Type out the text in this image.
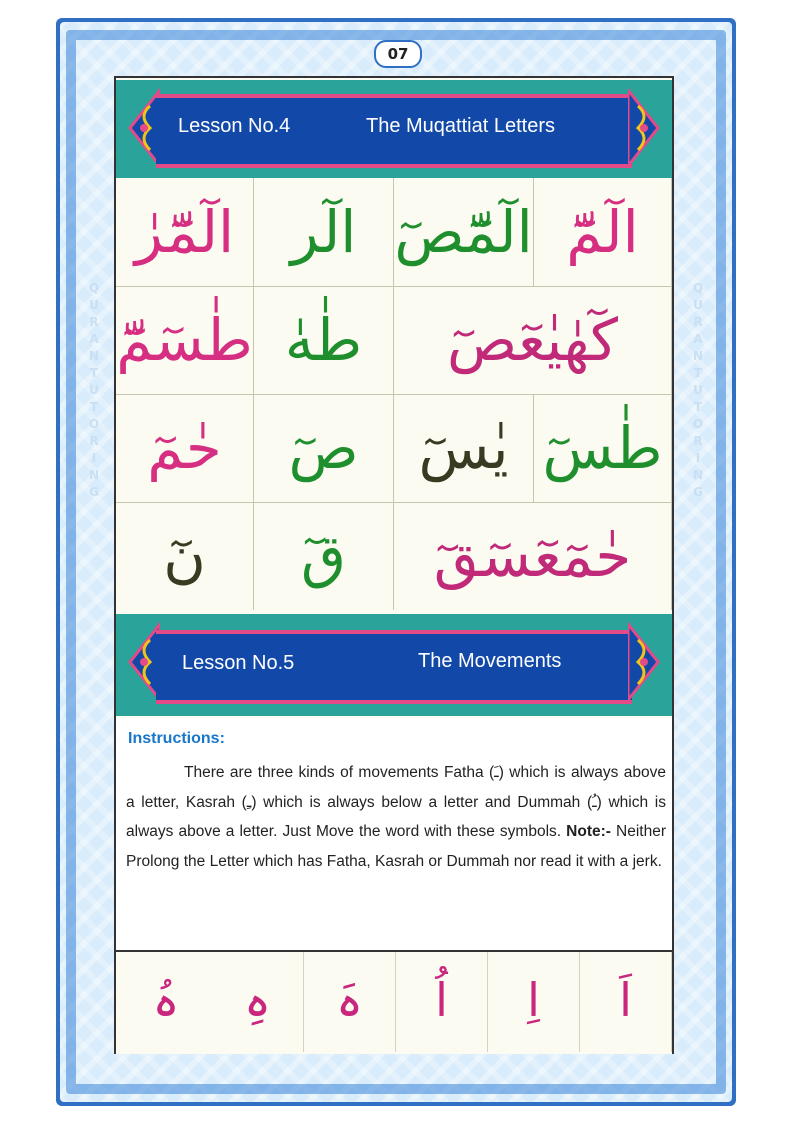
Q
U
R
A
N
T
U
T
O
R
I
N
G
Q
U
R
A
N
T
U
T
O
R
I
N
G
07
Lesson No.4	The Muqattiat Letters
الٓمّٓ
الٓمّٓصٓ
الٓر
الٓمّٓرٰ
كٓهٰيٰعٓصٓ
طٰهٰ
طٰسٓمّٓ
طٰسٓ
يٰسٓ
صٓ
حٰمٓ
حٰمٓعٓسٓقٓ
قٓ
نٓ
Lesson No.5	The Movements
Instructions:
There are three kinds of movements Fatha (ـَ) which is always above a letter, Kasrah (ـِ) which is always below a letter and Dummah (ـُ) which is always above a letter. Just Move the word with these symbols. Note:- Neither Prolong the Letter which has Fatha, Kasrah or Dummah nor read it with a jerk.
اَ
اِ
اُ
ہَ
ہِ
ہُ
